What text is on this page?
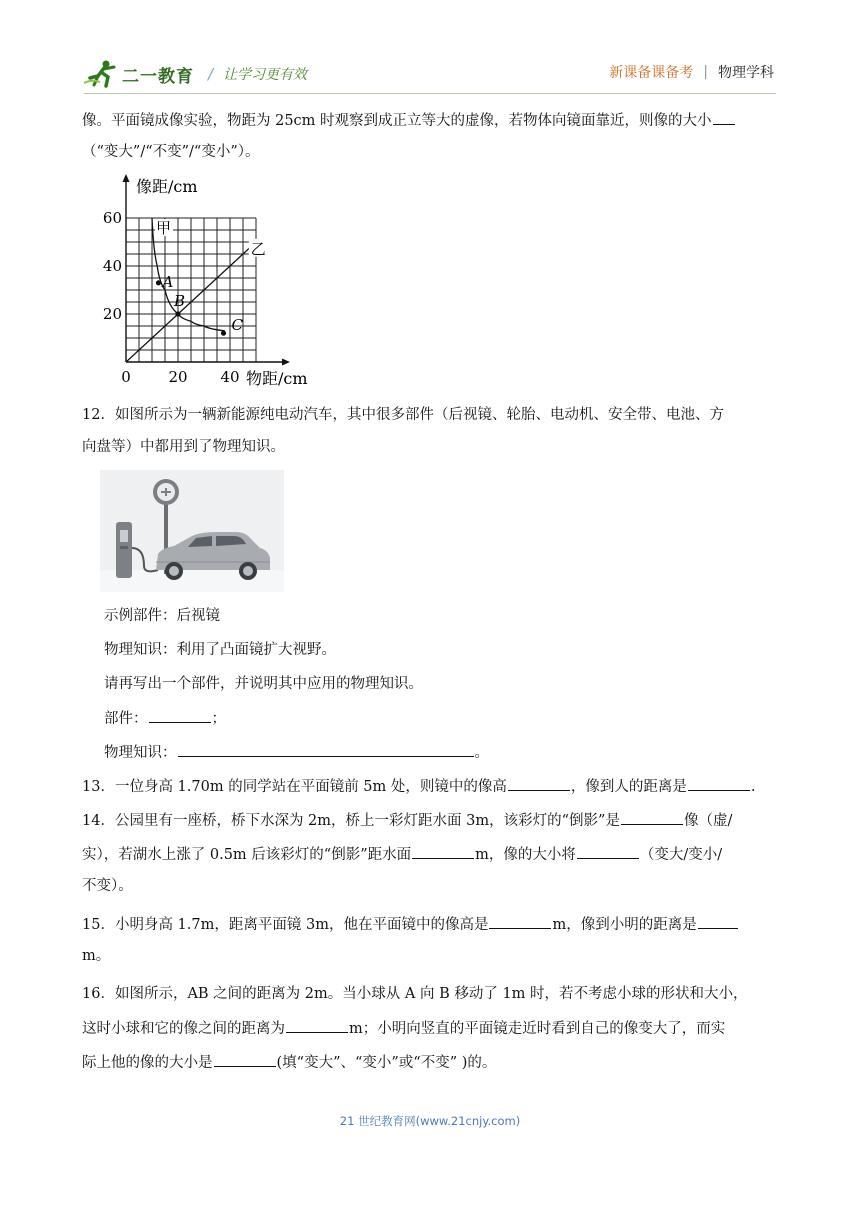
二一教育 / 让学习更有效	新课备课备考 | 物理学科
像。平面镜成像实验，物距为 25cm 时观察到成正立等大的虚像，若物体向镜面靠近，则像的大小
（“变大”/“不变”/“变小”）。
0	20 40
20
40
60
物距/cm
像距/cm
甲
乙
A
B
C
12．如图所示为一辆新能源纯电动汽车，其中很多部件（后视镜、轮胎、电动机、安全带、电池、方
向盘等）中都用到了物理知识。
示例部件：后视镜
物理知识：利用了凸面镜扩大视野。
请再写出一个部件，并说明其中应用的物理知识。
部件：	；
物理知识：	。
13．一位身高 1.70m 的同学站在平面镜前 5m 处，则镜中的像高	，像到人的距离是	.
14．公园里有一座桥，桥下水深为 2m，桥上一彩灯距水面 3m，该彩灯的“倒影”是	像（虚/
实），若湖水上涨了 0.5m 后该彩灯的“倒影”距水面	m，像的大小将	（变大/变小/
不变）。
15．小明身高 1.7m，距离平面镜 3m，他在平面镜中的像高是	m，像到小明的距离是
m。
16．如图所示，AB 之间的距离为 2m。当小球从 A 向 B 移动了 1m 时，若不考虑小球的形状和大小，
这时小球和它的像之间的距离为	m；小明向竖直的平面镜走近时看到自己的像变大了，而实
际上他的像的大小是	(填“变大”、“变小”或“不变” )的。
21 世纪教育网(www.21cnjy.com)
